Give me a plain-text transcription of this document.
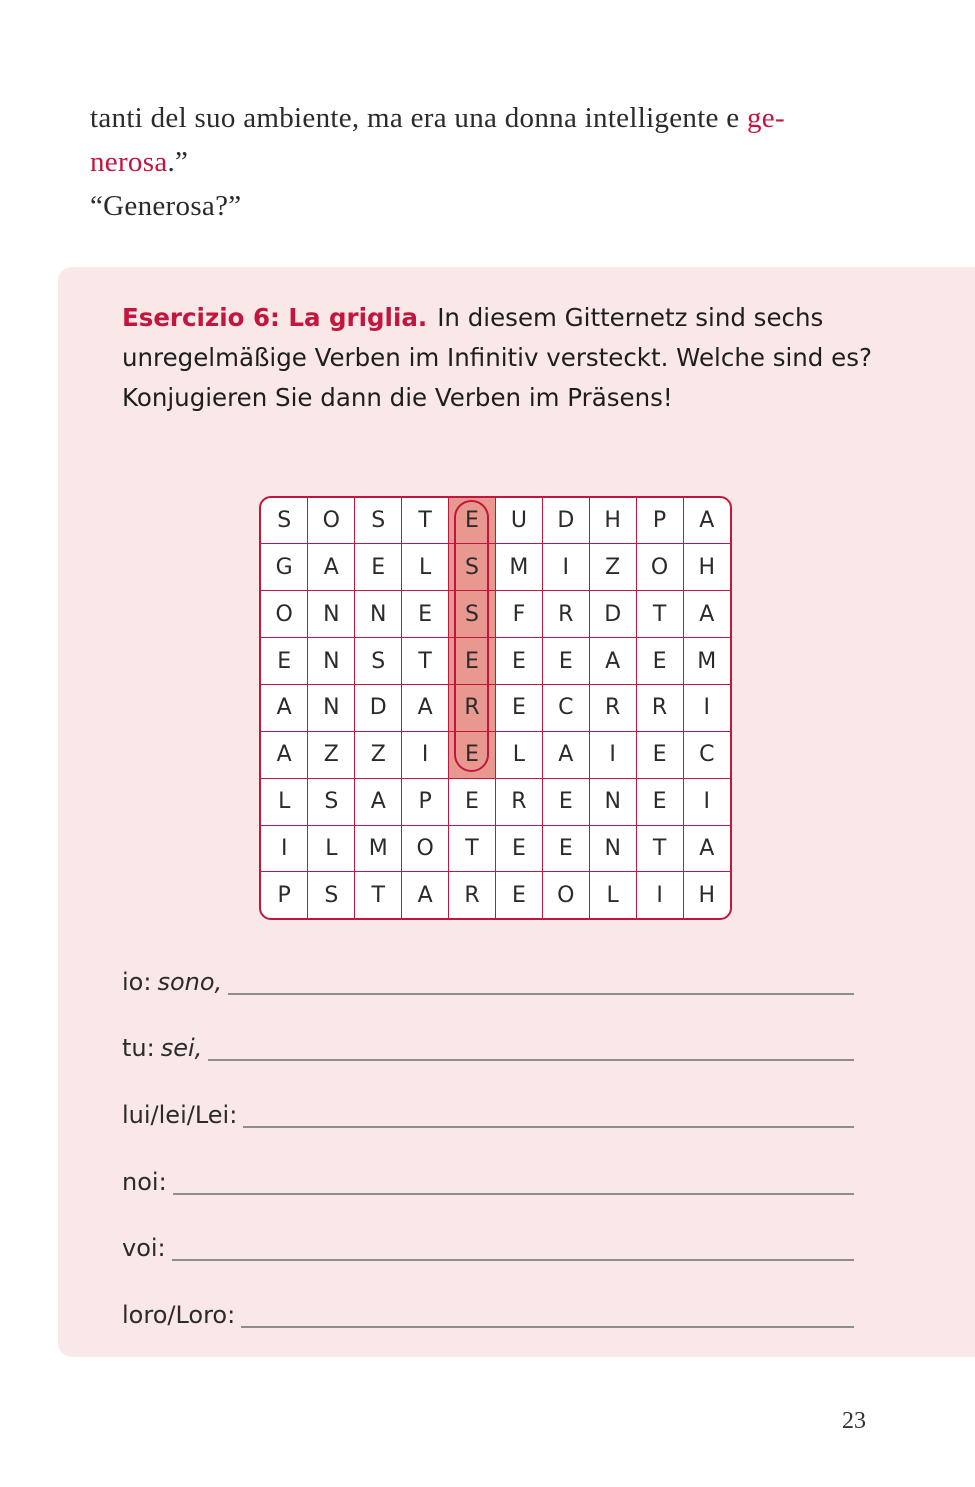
tanti del suo ambiente, ma era una donna intelligente e ge-

nerosa.”

“Generosa?”

Esercizio 6: La griglia. In diesem Gitternetz sind sechs unregelmäßige Verben im Infinitiv versteckt. Welche sind es? Konjugieren Sie dann die Verben im Präsens!
S	O	S	T	E	U	D	H	P	A
G	A	E	L	S	M	I	Z	O	H
O	N	N	E	S	F	R	D	T	A
E	N	S	T	E	E	E	A	E	M
A	N	D	A	R	E	C	R	R	I
A	Z	Z	I	E	L	A	I	E	C
L	S	A	P	E	R	E	N	E	I
I	L	M	O	T	E	E	N	T	A
P	S	T	A	R	E	O	L	I	H
io: sono,
tu: sei,
lui/lei/Lei:
noi:
voi:
loro/Loro:
23
